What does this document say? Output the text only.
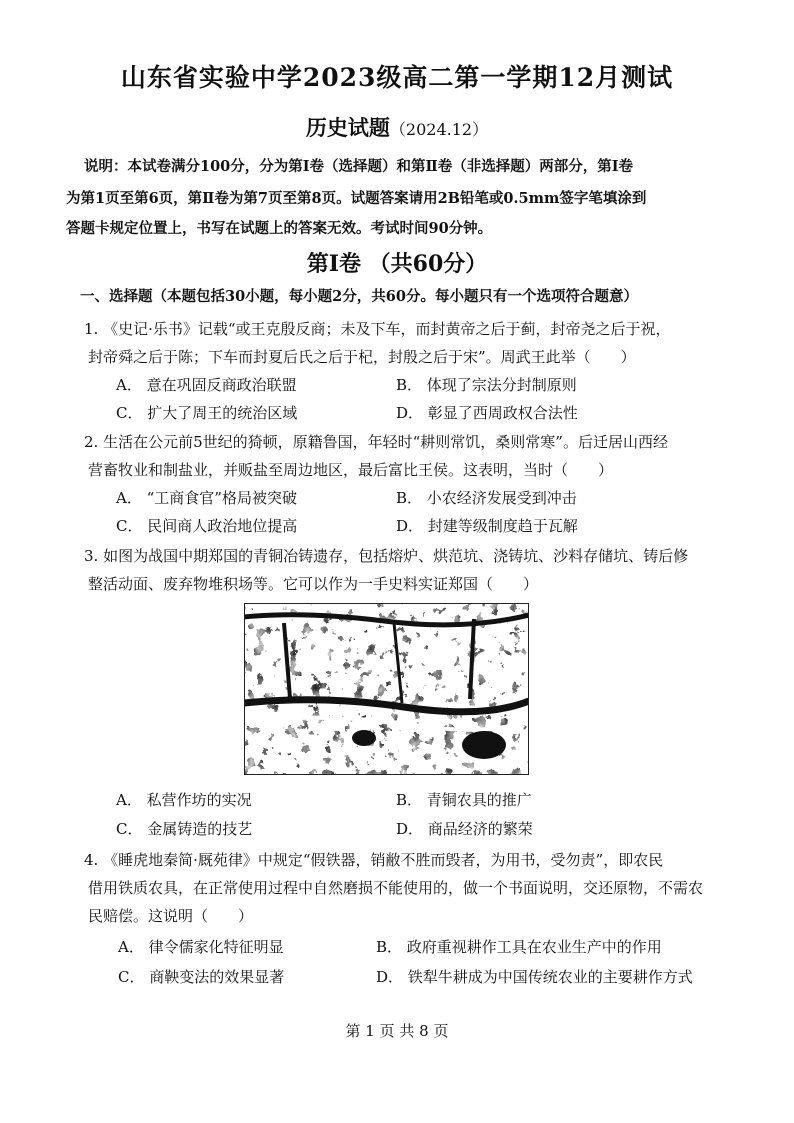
山东省实验中学2023级高二第一学期12月测试
历史试题（2024.12）
说明：本试卷满分100分，分为第Ⅰ卷（选择题）和第Ⅱ卷（非选择题）两部分，第Ⅰ卷
为第1页至第6页，第Ⅱ卷为第7页至第8页。试题答案请用2B铅笔或0.5mm签字笔填涂到
答题卡规定位置上，书写在试题上的答案无效。考试时间90分钟。
第Ⅰ卷 （共60分）
一、选择题（本题包括30小题，每小题2分，共60分。每小题只有一个选项符合题意）
1. 《史记·乐书》记载“或王克殷反商；未及下车，而封黄帝之后于蓟，封帝尧之后于祝，
封帝舜之后于陈；下车而封夏后氏之后于杞，封殷之后于宋”。周武王此举（　　）
A． 意在巩固反商政治联盟	B． 体现了宗法分封制原则
C． 扩大了周王的统治区域	D． 彰显了西周政权合法性
2. 生活在公元前5世纪的猗顿，原籍鲁国，年轻时“耕则常饥，桑则常寒”。后迁居山西经
营畜牧业和制盐业，并贩盐至周边地区，最后富比王侯。这表明，当时（　　）
A． “工商食官”格局被突破	B． 小农经济发展受到冲击
C． 民间商人政治地位提高	D． 封建等级制度趋于瓦解
3. 如图为战国中期郑国的青铜冶铸遗存，包括熔炉、烘范坑、浇铸坑、沙料存储坑、铸后修
整活动面、废弃物堆积场等。它可以作为一手史料实证郑国（　　）
A． 私营作坊的实况	B． 青铜农具的推广
C． 金属铸造的技艺	D． 商品经济的繁荣
4. 《睡虎地秦简·厩苑律》中规定“假铁器，销敝不胜而毁者，为用书，受勿责”，即农民
借用铁质农具，在正常使用过程中自然磨损不能使用的，做一个书面说明，交还原物，不需农
民赔偿。这说明（　　）
A． 律令儒家化特征明显	B． 政府重视耕作工具在农业生产中的作用
C． 商鞅变法的效果显著	D． 铁犁牛耕成为中国传统农业的主要耕作方式
第 1 页 共 8 页
